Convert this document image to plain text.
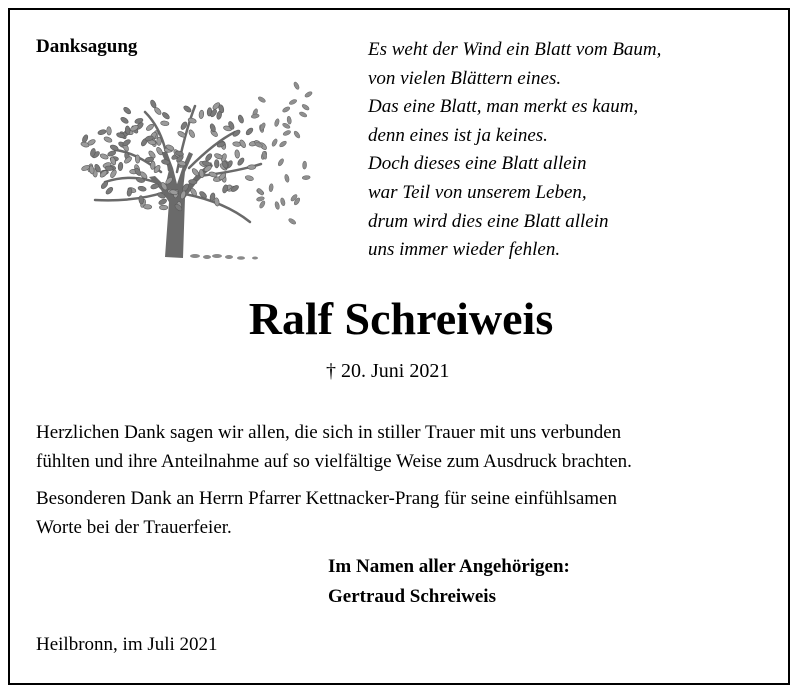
Danksagung	Es weht der Wind ein Blatt vom Baum,
von vielen Blättern eines.
Das eine Blatt, man merkt es kaum,
denn eines ist ja keines.
Doch dieses eine Blatt allein
war Teil von unserem Leben,
drum wird dies eine Blatt allein
uns immer wieder fehlen.
Ralf Schreiweis
† 20. Juni 2021
Herzlichen Dank sagen wir allen, die sich in stiller Trauer mit uns verbunden
fühlten und ihre Anteilnahme auf so vielfältige Weise zum Ausdruck brachten.
Besonderen Dank an Herrn Pfarrer Kettnacker-Prang für seine einfühlsamen
Worte bei der Trauerfeier.
Im Namen aller Angehörigen:
Gertraud Schreiweis
Heilbronn, im Juli 2021
